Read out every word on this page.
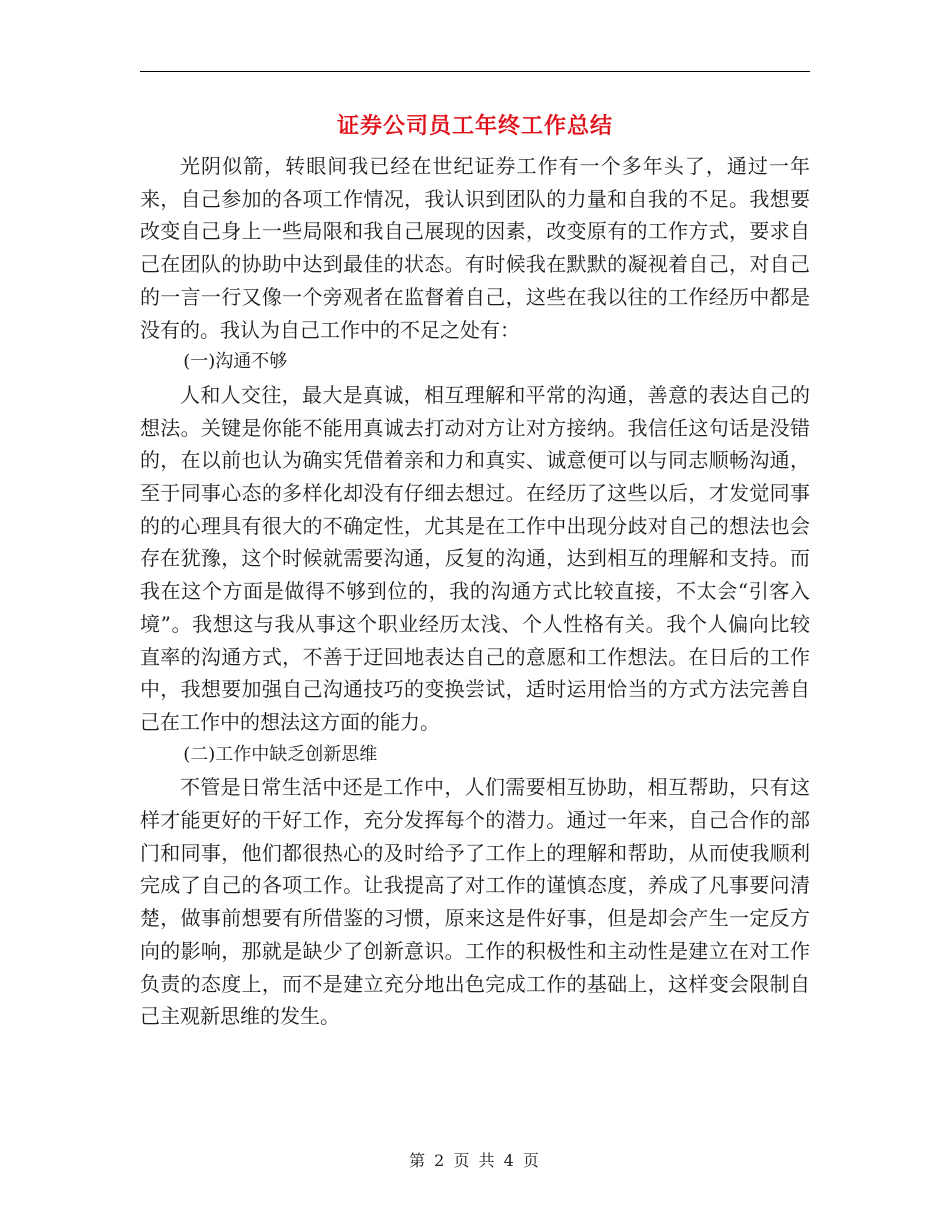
证券公司员工年终工作总结

光阴似箭，转眼间我已经在世纪证券工作有一个多年头了，通过一年来，自己参加的各项工作情况，我认识到团队的力量和自我的不足。我想要改变自己身上一些局限和我自己展现的因素，改变原有的工作方式，要求自己在团队的协助中达到最佳的状态。有时候我在默默的凝视着自己，对自己的一言一行又像一个旁观者在监督着自己，这些在我以往的工作经历中都是没有的。我认为自己工作中的不足之处有：

(一)沟通不够

人和人交往，最大是真诚，相互理解和平常的沟通，善意的表达自己的想法。关键是你能不能用真诚去打动对方让对方接纳。我信任这句话是没错的，在以前也认为确实凭借着亲和力和真实、诚意便可以与同志顺畅沟通，至于同事心态的多样化却没有仔细去想过。在经历了这些以后，才发觉同事的的心理具有很大的不确定性，尤其是在工作中出现分歧对自己的想法也会存在犹豫，这个时候就需要沟通，反复的沟通，达到相互的理解和支持。而我在这个方面是做得不够到位的，我的沟通方式比较直接，不太会“引客入境”。我想这与我从事这个职业经历太浅、个人性格有关。我个人偏向比较直率的沟通方式，不善于迂回地表达自己的意愿和工作想法。在日后的工作中，我想要加强自己沟通技巧的变换尝试，适时运用恰当的方式方法完善自己在工作中的想法这方面的能力。

(二)工作中缺乏创新思维

不管是日常生活中还是工作中，人们需要相互协助，相互帮助，只有这样才能更好的干好工作，充分发挥每个的潜力。通过一年来，自己合作的部门和同事，他们都很热心的及时给予了工作上的理解和帮助，从而使我顺利完成了自己的各项工作。让我提高了对工作的谨慎态度，养成了凡事要问清楚，做事前想要有所借鉴的习惯，原来这是件好事，但是却会产生一定反方向的影响，那就是缺少了创新意识。工作的积极性和主动性是建立在对工作负责的态度上，而不是建立充分地出色完成工作的基础上，这样变会限制自己主观新思维的发生。

第 2 页 共 4 页
